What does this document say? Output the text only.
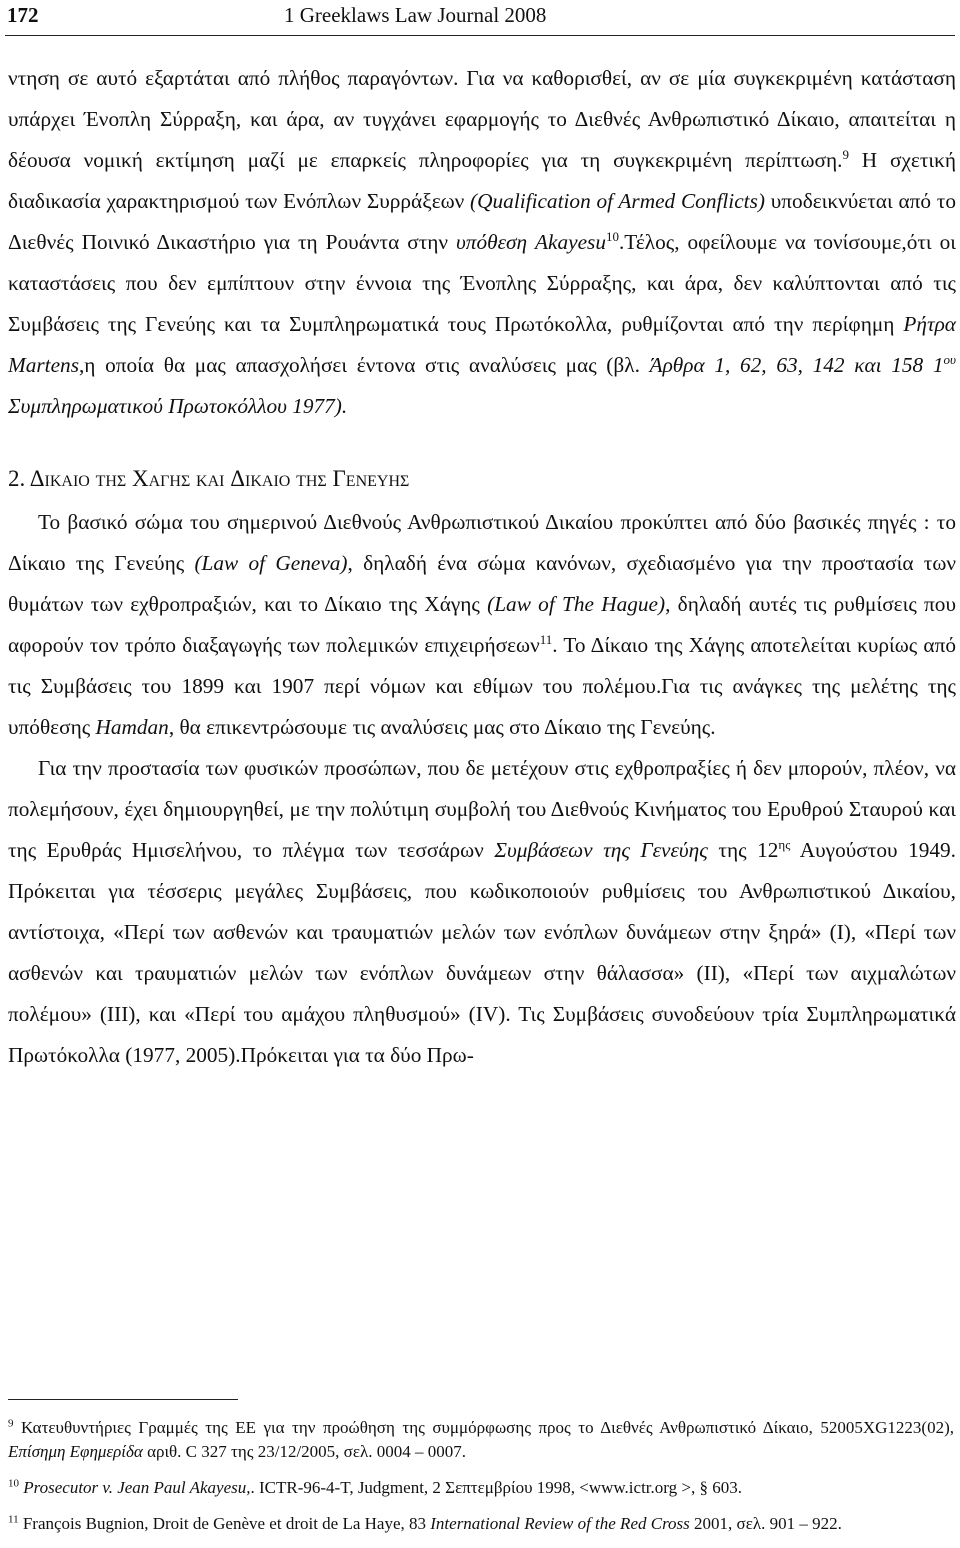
172	1 Greeklaws Law Journal 2008

ντηση σε αυτό εξαρτάται από πλήθος παραγόντων. Για να καθορισθεί, αν σε μία συγκεκριμένη κατάσταση υπάρχει Ένοπλη Σύρραξη, και άρα, αν τυγχάνει εφαρμογής το Διεθνές Ανθρωπιστικό Δίκαιο, απαιτείται η δέουσα νομική εκτίμηση μαζί με επαρκείς πληροφορίες για τη συγκεκριμένη περίπτωση.$^9$ Η σχετική διαδικασία χαρακτηρισμού των Ενόπλων Συρράξεων (Qualification of Armed Conflicts) υποδεικνύεται από το Διεθνές Ποινικό Δικαστήριο για τη Ρουάντα στην υπόθεση Akayesu$^{10}$.Τέλος, οφείλουμε να τονίσουμε,ότι οι καταστάσεις που δεν εμπίπτουν στην έννοια της Ένοπλης Σύρραξης, και άρα, δεν καλύπτονται από τις Συμβάσεις της Γενεύης και τα Συμπληρωματικά τους Πρωτόκολλα, ρυθμίζονται από την περίφημη Ρήτρα Martens,η οποία θα μας απασχολήσει έντονα στις αναλύσεις μας (βλ. Άρθρα 1, 62, 63, 142 και 158 $1^{o\upsilon}$ Συμπληρωματικού Πρωτοκόλλου 1977).

2. Δικαιο της Χαγης και Δικαιο της Γενευης

Το βασικό σώμα του σημερινού Διεθνούς Ανθρωπιστικού Δικαίου προκύπτει από δύο βασικές πηγές : το Δίκαιο της Γενεύης (Law of Geneva), δηλαδή ένα σώμα κανόνων, σχεδιασμένο για την προστασία των θυμάτων των εχθροπραξιών, και το Δίκαιο της Χάγης (Law of The Hague), δηλαδή αυτές τις ρυθμίσεις που αφορούν τον τρόπο διαξαγωγής των πολεμικών επιχειρήσεων$^{11}$. Το Δίκαιο της Χάγης αποτελείται κυρίως από τις Συμβάσεις του 1899 και 1907 περί νόμων και εθίμων του πολέμου.Για τις ανάγκες της μελέτης της υπόθεσης Hamdan, θα επικεντρώσουμε τις αναλύσεις μας στο Δίκαιο της Γενεύης.

Για την προστασία των φυσικών προσώπων, που δε μετέχουν στις εχθροπραξίες ή δεν μπορούν, πλέον, να πολεμήσουν, έχει δημιουργηθεί, με την πολύτιμη συμβολή του Διεθνούς Κινήματος του Ερυθρού Σταυρού και της Ερυθράς Ημισελήνου, το πλέγμα των τεσσάρων Συμβάσεων της Γενεύης της $12^{\eta\varsigma}$ Αυγούστου 1949. Πρόκειται για τέσσερις μεγάλες Συμβάσεις, που κωδικοποιούν ρυθμίσεις του Ανθρωπιστικού Δικαίου, αντίστοιχα, «Περί των ασθενών και τραυματιών μελών των ενόπλων δυνάμεων στην ξηρά» (Ι), «Περί των ασθενών και τραυματιών μελών των ενόπλων δυνάμεων στην θάλασσα» (ΙΙ), «Περί των αιχμαλώτων πολέμου» (ΙΙΙ), και «Περί του αμάχου πληθυσμού» (IV). Τις Συμβάσεις συνοδεύουν τρία Συμπληρωματικά Πρωτόκολλα (1977, 2005).Πρόκειται για τα δύο Πρω-

$^9$ Κατευθυντήριες Γραμμές της ΕΕ για την προώθηση της συμμόρφωσης προς το Διεθνές Ανθρωπιστικό Δίκαιο, 52005XG1223(02), Επίσημη Εφημερίδα αριθ. C 327 της 23/12/2005, σελ. 0004 – 0007.

$^{10}$ Prosecutor v. Jean Paul Akayesu,. ICTR-96-4-T, Judgment, 2 Σεπτεμβρίου 1998, <www.ictr.org >, § 603.

$^{11}$ François Bugnion, Droit de Genève et droit de La Haye, 83 International Review of the Red Cross 2001, σελ. 901 – 922.
